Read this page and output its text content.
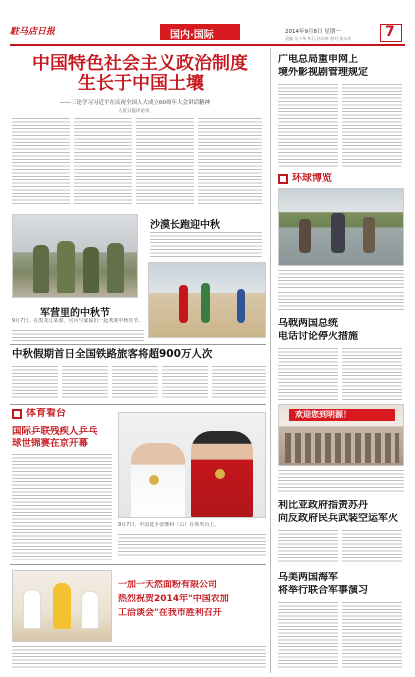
駐马店日报	国内·国际	2014年9月8日 星期一
责编 吴小华 执行 孙东辉 校对 张永庆 7
中国特色社会主义政治制度
生长于中国土壤
——三论学习习近平在庆祝全国人大成立60周年大会讲话精神
人民日报评论员
沙漠长跑迎中秋
军营里的中秋节
9月7日，在黑龙江某部，官兵与家属们一起欢度中秋佳节。
中秋假期首日全国铁路旅客将超900万人次
体育看台
国际乒联残疾人乒乓
球世锦赛在京开幕
9月7日，中国选手张继科（右）在领奖台上。
一加一天然面粉有限公司
热烈祝贺2014年"中国农加
工洽谈会"在我市胜利召开
广电总局重申网上
境外影视剧管理规定
环球博览
乌戟两国总统
电话讨论停火措施
欢迎您到明源！
利比亚政府指责苏丹
向反政府民兵武装空运军火
乌美两国海军
将举行联合军事演习
